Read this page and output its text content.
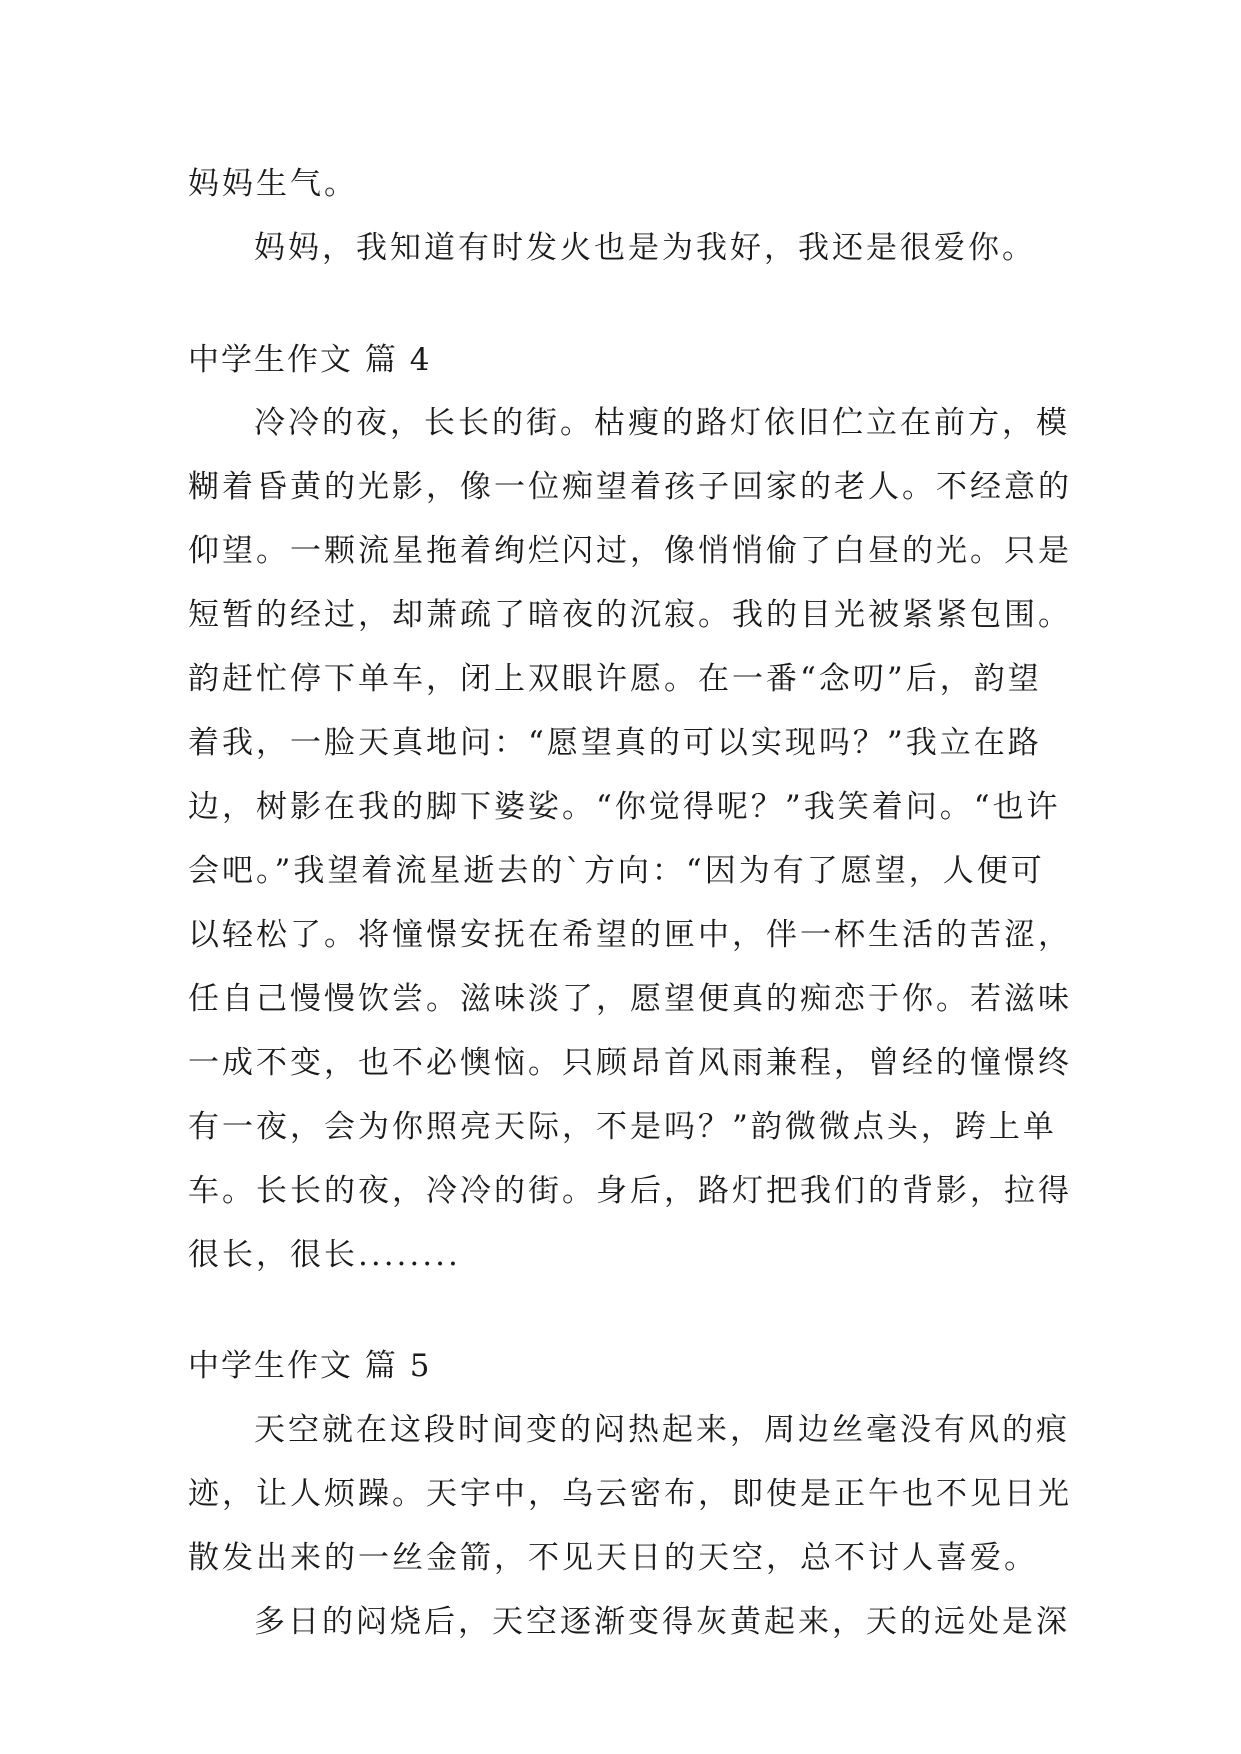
妈妈生气。
妈妈，我知道有时发火也是为我好，我还是很爱你。
中学生作文 篇 4
冷冷的夜，长长的街。枯瘦的路灯依旧伫立在前方，模
糊着昏黄的光影，像一位痴望着孩子回家的老人。不经意的
仰望。一颗流星拖着绚烂闪过，像悄悄偷了白昼的光。只是
短暂的经过，却萧疏了暗夜的沉寂。我的目光被紧紧包围。
韵赶忙停下单车，闭上双眼许愿。在一番“念叨”后，韵望
着我，一脸天真地问：“愿望真的可以实现吗？”我立在路
边，树影在我的脚下婆娑。“你觉得呢？”我笑着问。“也许
会吧。”我望着流星逝去的`方向：“因为有了愿望，人便可
以轻松了。将憧憬安抚在希望的匣中，伴一杯生活的苦涩，
任自己慢慢饮尝。滋味淡了，愿望便真的痴恋于你。若滋味
一成不变，也不必懊恼。只顾昂首风雨兼程，曾经的憧憬终
有一夜，会为你照亮天际，不是吗？”韵微微点头，跨上单
车。长长的夜，冷冷的街。身后，路灯把我们的背影，拉得
很长，很长........
中学生作文 篇 5
天空就在这段时间变的闷热起来，周边丝毫没有风的痕
迹，让人烦躁。天宇中，乌云密布，即使是正午也不见日光
散发出来的一丝金箭，不见天日的天空，总不讨人喜爱。
多日的闷烧后，天空逐渐变得灰黄起来，天的远处是深
